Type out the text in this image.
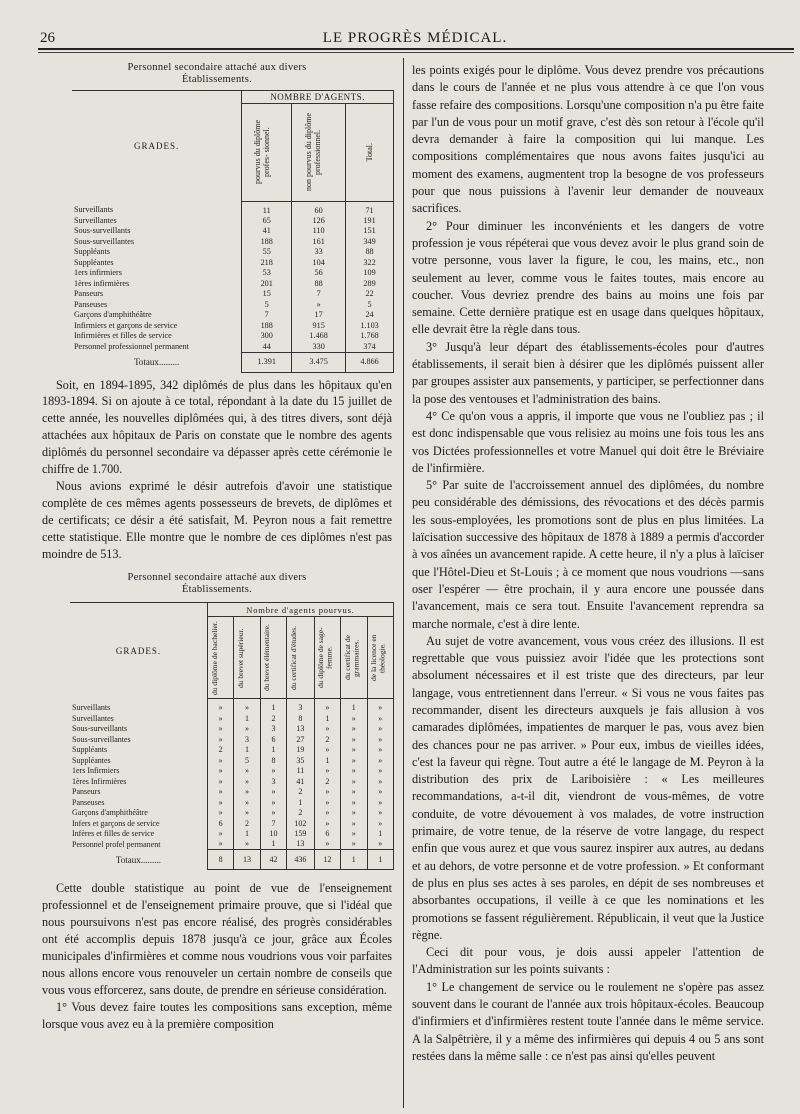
26	LE PROGRÈS MÉDICAL.
Personnel secondaire attaché aux divers
Établissements.
GRADES.	NOMBRE D'AGENTS.		

	pourvus du diplôme profes- sionnel.	non pourvus du diplôme professionnel.	Total.

Surveillants	11	60	71
Surveillantes	65	126	191
Sous-surveillants	41	110	151
Sous-surveillantes	188	161	349
Suppléants	55	33	88
Suppléantes	218	104	322
1ers infirmiers	53	56	109
1ères infirmières	201	88	289
Panseurs	15	7	22
Panseuses	5	»	5
Garçons d'amphithéâtre	7	17	24
Infirmiers et garçons de service	188	915	1.103
Infirmières et filles de service	300	1.468	1.768
Personnel professionnel permanent	44	330	374
Totaux.........	1.391	3.475	4.866

Soit, en 1894-1895, 342 diplômés de plus dans les hôpitaux qu'en 1893-1894. Si on ajoute à ce total, répondant à la date du 15 juillet de cette année, les nouvelles diplômées qui, à des titres divers, sont déjà attachées aux hôpitaux de Paris on constate que le nombre des agents diplômés du personnel secondaire va dépasser après cette cérémonie le chiffre de 1.700.

Nous avions exprimé le désir autrefois d'avoir une statistique complète de ces mêmes agents possesseurs de brevets, de diplômes et de certificats; ce désir a été satisfait, M. Peyron nous a fait remettre cette statistique. Elle montre que le nombre de ces diplômes n'est pas moindre de 513.

Personnel secondaire attaché aux divers
Établissements.
GRADES.	Nombre d'agents pourvus.						

	du diplôme de bachelier.	du brevet supérieur.	du brevet élémentaire.	du certificat d'études.	du diplôme de sage-femme.	du certificat de grammaires.	de la licence en théologie.

Surveillants	»	»	1	3	»	1	»
Surveillantes	»	1	2	8	1	»	»
Sous-surveillants	»	»	3	13	»	»	»
Sous-surveillantes	»	3	6	27	2	»	»
Suppléants	2	1	1	19	»	»	»
Suppléantes	»	5	8	35	1	»	»
1ers Infirmiers	»	»	»	11	»	»	»
1ères Infirmières	»	»	3	41	2	»	»
Panseurs	»	»	»	2	»	»	»
Panseuses	»	»	»	1	»	»	»
Garçons d'amphithéâtre	»	»	»	2	»	»	»
Infers et garçons de service	6	2	7	102	»	»	»
Infères et filles de service	»	1	10	159	6	»	1
Personnel profel permanent	»	»	1	13	»	»	»
Totaux.........	8	13	42	436	12	1	1

Cette double statistique au point de vue de l'enseignement professionnel et de l'enseignement primaire prouve, que si l'idéal que nous poursuivons n'est pas encore réalisé, des progrès considérables ont été accomplis depuis 1878 jusqu'à ce jour, grâce aux Écoles municipales d'infirmières et comme nous voudrions vous voir parfaites nous allons encore vous renouveler un certain nombre de conseils que vous vous efforcerez, sans doute, de prendre en sérieuse considération.

1° Vous devez faire toutes les compositions sans exception, même lorsque vous avez eu à la première composition

les points exigés pour le diplôme. Vous devez prendre vos précautions dans le cours de l'année et ne plus vous attendre à ce que l'on vous fasse refaire des compositions. Lorsqu'une composition n'a pu être faite par l'un de vous pour un motif grave, c'est dès son retour à l'école qu'il devra demander à faire la composition qui lui manque. Les compositions complémentaires que nous avons faites jusqu'ici au moment des examens, augmentent trop la besogne de vos professeurs pour que nous puissions à l'avenir leur demander de nouveaux sacrifices.

2° Pour diminuer les inconvénients et les dangers de votre profession je vous répéterai que vous devez avoir le plus grand soin de votre personne, vous laver la figure, le cou, les mains, etc., non seulement au lever, comme vous le faites toutes, mais encore au coucher. Vous devriez prendre des bains au moins une fois par semaine. Cette dernière pratique est en usage dans quelques hôpitaux, elle devrait être la règle dans tous.

3° Jusqu'à leur départ des établissements-écoles pour d'autres établissements, il serait bien à désirer que les diplômés puissent aller par groupes assister aux pansements, y participer, se perfectionner dans la pose des ventouses et l'administration des bains.

4° Ce qu'on vous a appris, il importe que vous ne l'oubliez pas ; il est donc indispensable que vous relisiez au moins une fois tous les ans vos Dictées professionnelles et votre Manuel qui doit être le Bréviaire de l'infirmière.

5° Par suite de l'accroissement annuel des diplômées, du nombre peu considérable des démissions, des révocations et des décès parmis les sous-employées, les promotions sont de plus en plus limitées. La laïcisation successive des hôpitaux de 1878 à 1889 a permis d'accorder à vos aînées un avancement rapide. A cette heure, il n'y a plus à laïciser que l'Hôtel-Dieu et St-Louis ; à ce moment que nous voudrions —sans oser l'espérer — être prochain, il y aura encore une poussée dans l'avancement, mais ce sera tout. Ensuite l'avancement reprendra sa marche normale, c'est à dire lente.

Au sujet de votre avancement, vous vous créez des illusions. Il est regrettable que vous puissiez avoir l'idée que les protections sont absolument nécessaires et il est triste que des directeurs, par leur langage, vous entretiennent dans l'erreur. « Si vous ne vous faites pas recommander, disent les directeurs auxquels je fais allusion à vos camarades diplômées, impatientes de marquer le pas, vous avez bien des chances pour ne pas arriver. » Pour eux, imbus de vieilles idées, c'est la faveur qui règne. Tout autre a été le langage de M. Peyron à la distribution des prix de Lariboisière : « Les meilleures recommandations, a-t-il dit, viendront de vous-mêmes, de votre conduite, de votre dévouement à vos malades, de votre instruction primaire, de votre tenue, de la réserve de votre langage, du respect enfin que vous aurez et que vous saurez inspirer aux autres, au dedans et au dehors, de votre personne et de votre profession. » Et conformant de plus en plus ses actes à ses paroles, en dépit de ses nombreuses et absorbantes occupations, il veille à ce que les nominations et les promotions se fassent régulièrement. Républicain, il veut que la Justice règne.

Ceci dit pour vous, je dois aussi appeler l'attention de l'Administration sur les points suivants :

1° Le changement de service ou le roulement ne s'opère pas assez souvent dans le courant de l'année aux trois hôpitaux-écoles. Beaucoup d'infirmiers et d'infirmières restent toute l'année dans le même service. A la Salpêtrière, il y a même des infirmières qui depuis 4 ou 5 ans sont restées dans la même salle : ce n'est pas ainsi qu'elles peuvent
